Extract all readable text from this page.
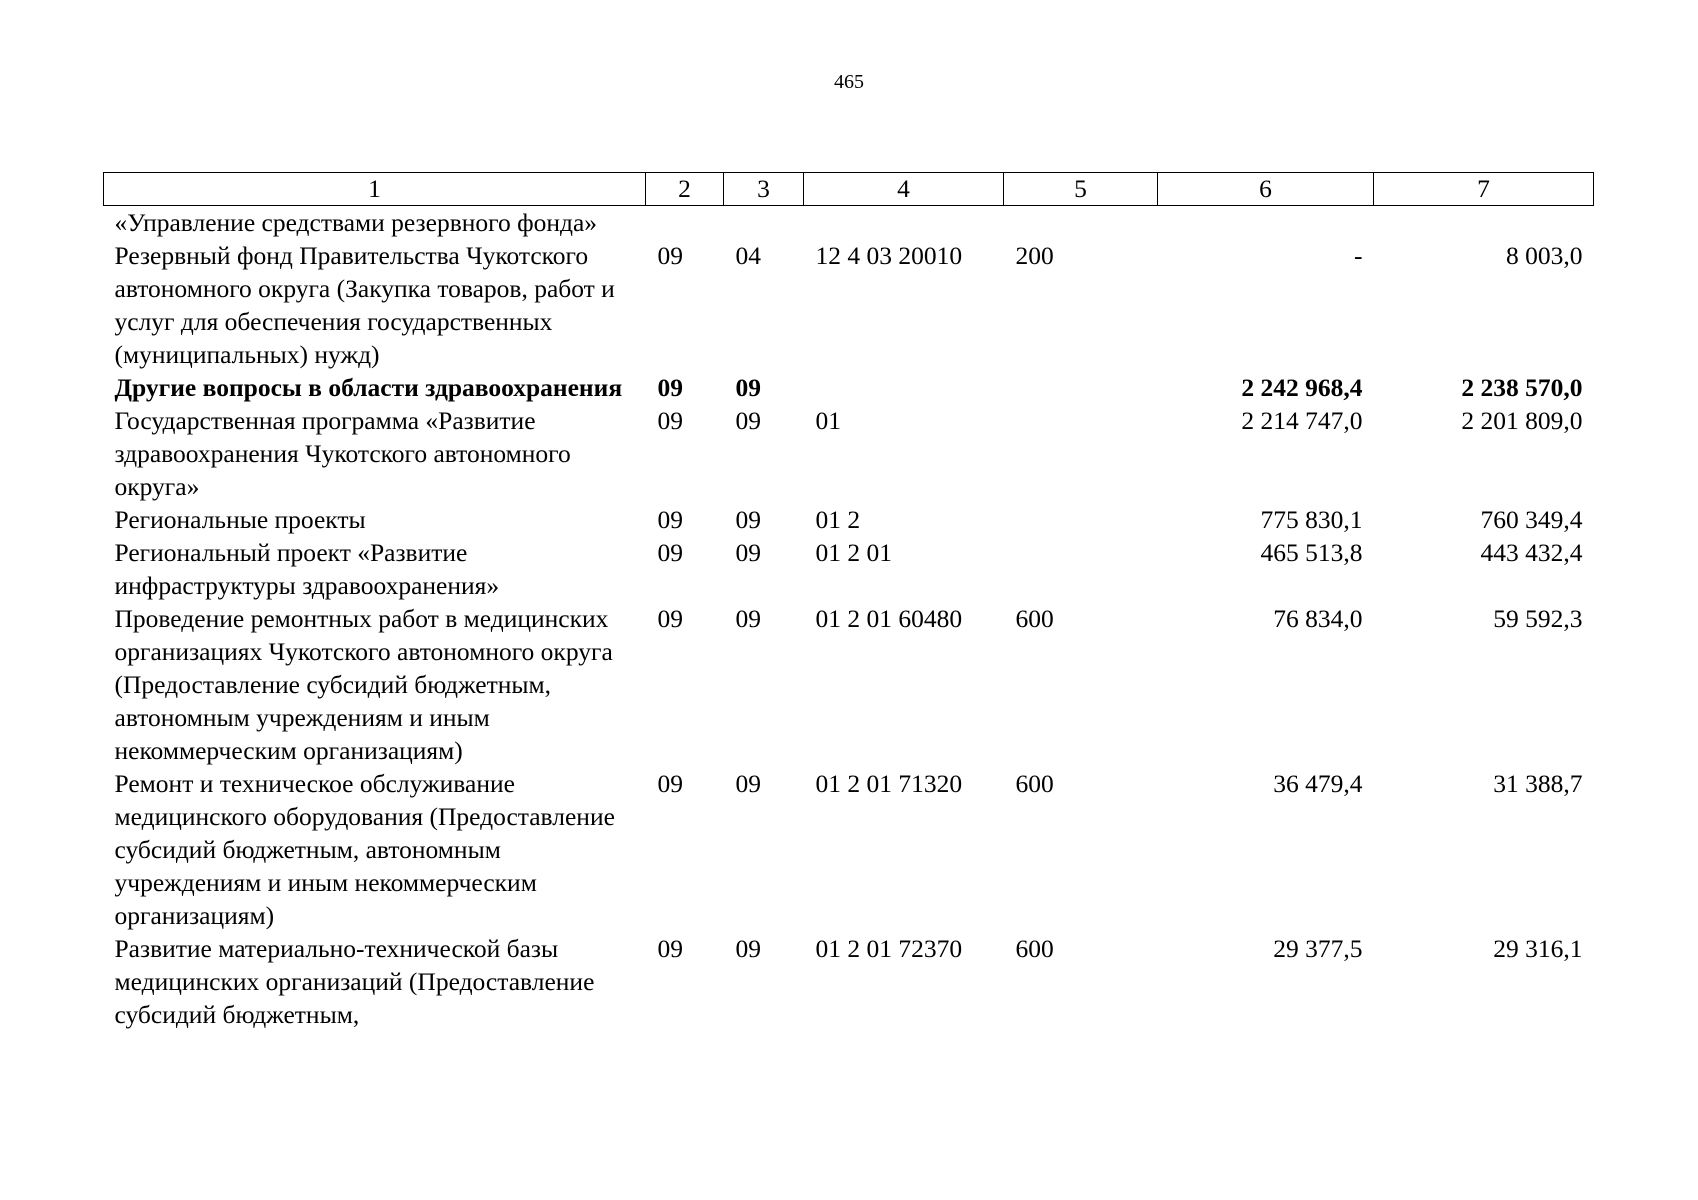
465
1	2	3	4	5	6	7
«Управление средствами резервного фонда»						
Резервный фонд Правительства Чукотского автономного округа (Закупка товаров, работ и услуг для обеспечения государственных (муниципальных) нужд)	09	04	12 4 03 20010	200	-	8 003,0
Другие вопросы в области здравоохранения	09	09			2 242 968,4	2 238 570,0
Государственная программа «Развитие здравоохранения Чукотского автономного округа»	09	09	01		2 214 747,0	2 201 809,0
Региональные проекты	09	09	01 2		775 830,1	760 349,4
Региональный проект «Развитие инфраструктуры здравоохранения»	09	09	01 2 01		465 513,8	443 432,4
Проведение ремонтных работ в медицинских организациях Чукотского автономного округа (Предоставление субсидий бюджетным, автономным учреждениям и иным некоммерческим организациям)	09	09	01 2 01 60480	600	76 834,0	59 592,3
Ремонт и техническое обслуживание медицинского оборудования (Предоставление субсидий бюджетным, автономным учреждениям и иным некоммерческим организациям)	09	09	01 2 01 71320	600	36 479,4	31 388,7
Развитие материально-технической базы медицинских организаций (Предоставление субсидий бюджетным,	09	09	01 2 01 72370	600	29 377,5	29 316,1
